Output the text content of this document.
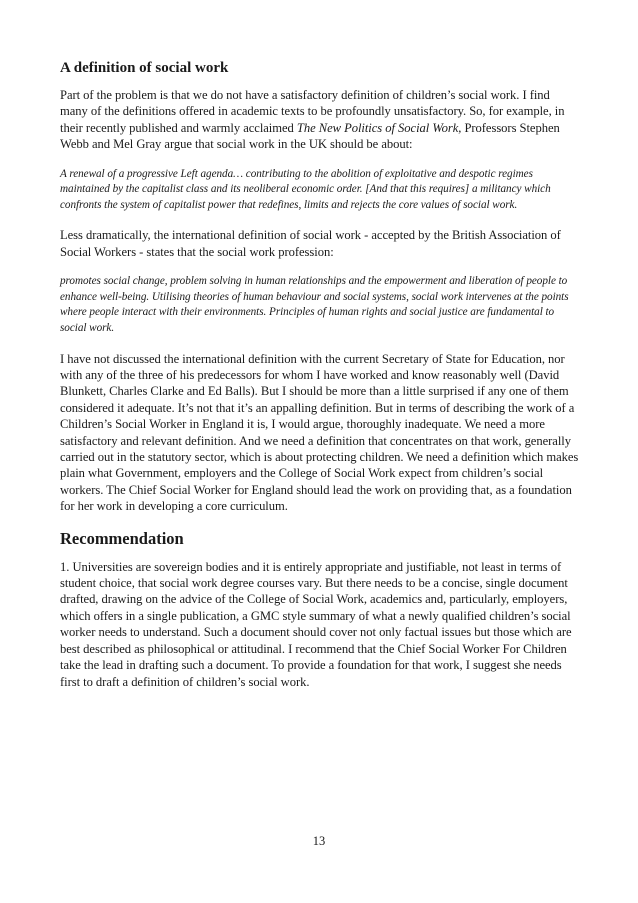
A definition of social work

Part of the problem is that we do not have a satisfactory definition of children’s social work. I find many of the definitions offered in academic texts to be profoundly unsatisfactory. So, for example, in their recently published and warmly acclaimed The New Politics of Social Work, Professors Stephen Webb and Mel Gray argue that social work in the UK should be about:

A renewal of a progressive Left agenda… contributing to the abolition of exploitative and despotic regimes maintained by the capitalist class and its neoliberal economic order. [And that this requires] a militancy which confronts the system of capitalist power that redefines, limits and rejects the core values of social work.

Less dramatically, the international definition of social work - accepted by the British Association of Social Workers - states that the social work profession:

promotes social change, problem solving in human relationships and the empowerment and liberation of people to enhance well-being. Utilising theories of human behaviour and social systems, social work intervenes at the points where people interact with their environments. Principles of human rights and social justice are fundamental to social work.

I have not discussed the international definition with the current Secretary of State for Education, nor with any of the three of his predecessors for whom I have worked and know reasonably well (David Blunkett, Charles Clarke and Ed Balls). But I should be more than a little surprised if any one of them considered it adequate. It’s not that it’s an appalling definition. But in terms of describing the work of a Children’s Social Worker in England it is, I would argue, thoroughly inadequate. We need a more satisfactory and relevant definition. And we need a definition that concentrates on that work, generally carried out in the statutory sector, which is about protecting children. We need a definition which makes plain what Government, employers and the College of Social Work expect from children’s social workers. The Chief Social Worker for England should lead the work on providing that, as a foundation for her work in developing a core curriculum.

Recommendation

1. Universities are sovereign bodies and it is entirely appropriate and justifiable, not least in terms of student choice, that social work degree courses vary. But there needs to be a concise, single document drafted, drawing on the advice of the College of Social Work, academics and, particularly, employers, which offers in a single publication, a GMC style summary of what a newly qualified children’s social worker needs to understand. Such a document should cover not only factual issues but those which are best described as philosophical or attitudinal. I recommend that the Chief Social Worker For Children take the lead in drafting such a document. To provide a foundation for that work, I suggest she needs first to draft a definition of children’s social work.

13
